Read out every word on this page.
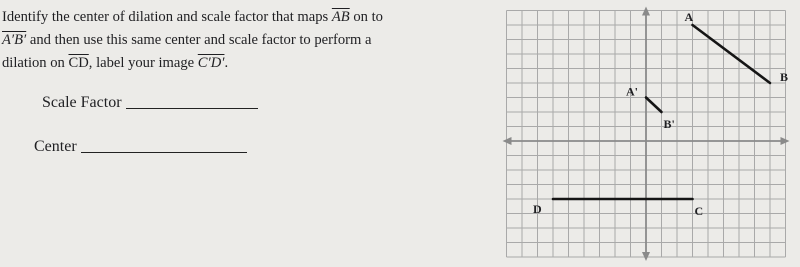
Identify the center of dilation and scale factor that maps $\overline{AB}$ on to
A′B′ and then use this same center and scale factor to perform a
dilation on $\overline{CD}$, label your image C′D′.
Scale Factor
Center
A
B
A'
B'
C
D
